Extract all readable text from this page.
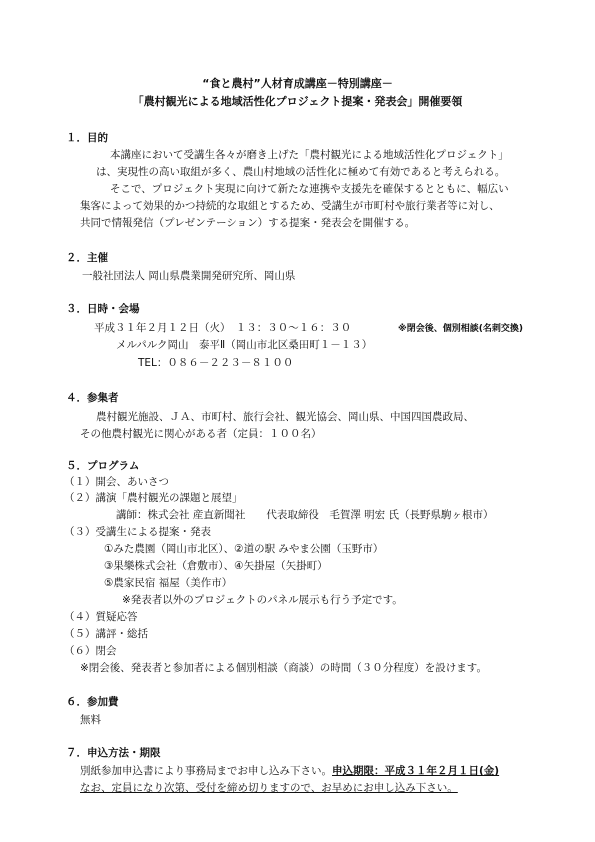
“食と農村”人材育成講座－特別講座－
「農村観光による地域活性化プロジェクト提案・発表会」開催要領
１．目的
本講座において受講生各々が磨き上げた「農村観光による地域活性化プロジェクト」
は、実現性の高い取組が多く、農山村地域の活性化に極めて有効であると考えられる。
そこで、プロジェクト実現に向けて新たな連携や支援先を確保するとともに、幅広い
集客によって効果的かつ持続的な取組とするため、受講生が市町村や旅行業者等に対し、
共同で情報発信（プレゼンテーション）する提案・発表会を開催する。
２．主催
一般社団法人 岡山県農業開発研究所、岡山県
３．日時・会場
平成３１年２月１２日（火）　１３：３０～１６：３０	※閉会後、個別相談(名刺交換)
メルパルク岡山　泰平Ⅱ（岡山市北区桑田町１－１３）
TEL：０８６－２２３－８１００
４．参集者
農村観光施設、ＪＡ、市町村、旅行会社、観光協会、岡山県、中国四国農政局、
その他農村観光に関心がある者（定員：１００名）
５．プログラム
（１）開会、あいさつ
（２）講演「農村観光の課題と展望」
講師：株式会社 産直新聞社　　代表取締役　毛賀澤 明宏 氏（長野県駒ヶ根市）
（３）受講生による提案・発表
①みた農園（岡山市北区）、②道の駅 みやま公園（玉野市）
③果樂株式会社（倉敷市）、④矢掛屋（矢掛町）
⑤農家民宿 福屋（美作市）
※発表者以外のプロジェクトのパネル展示も行う予定です。
（４）質疑応答
（５）講評・総括
（６）閉会
※閉会後、発表者と参加者による個別相談（商談）の時間（３０分程度）を設けます。
６．参加費
無料
７．申込方法・期限
別紙参加申込書により事務局までお申し込み下さい。申込期限：平成３１年２月１日(金)
なお、定員になり次第、受付を締め切りますので、お早めにお申し込み下さい。
